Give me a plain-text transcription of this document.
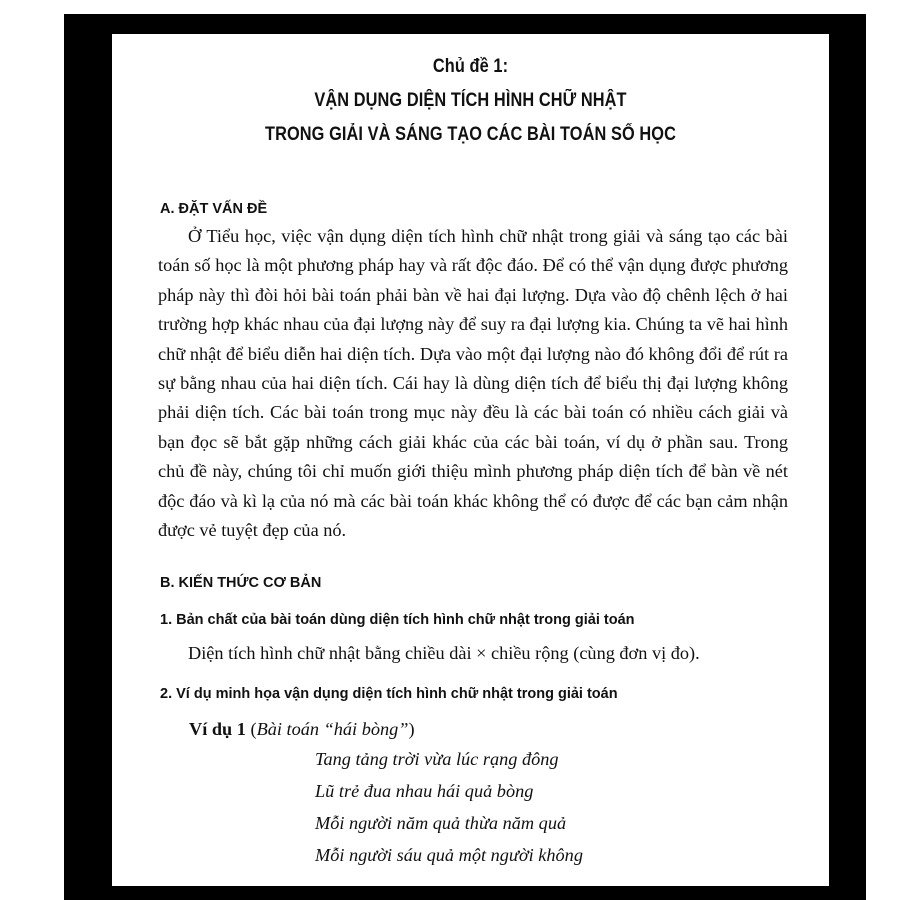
Chủ đề 1:
VẬN DỤNG DIỆN TÍCH HÌNH CHỮ NHẬT
TRONG GIẢI VÀ SÁNG TẠO CÁC BÀI TOÁN SỐ HỌC
A. ĐẶT VẤN ĐỀ

Ở Tiểu học, việc vận dụng diện tích hình chữ nhật trong giải và sáng tạo các bài toán số học là một phương pháp hay và rất độc đáo. Để có thể vận dụng được phương pháp này thì đòi hỏi bài toán phải bàn về hai đại lượng. Dựa vào độ chênh lệch ở hai trường hợp khác nhau của đại lượng này để suy ra đại lượng kia. Chúng ta vẽ hai hình chữ nhật để biểu diễn hai diện tích. Dựa vào một đại lượng nào đó không đổi để rút ra sự bằng nhau của hai diện tích. Cái hay là dùng diện tích để biểu thị đại lượng không phải diện tích. Các bài toán trong mục này đều là các bài toán có nhiều cách giải và bạn đọc sẽ bắt gặp những cách giải khác của các bài toán, ví dụ ở phần sau. Trong chủ đề này, chúng tôi chỉ muốn giới thiệu mình phương pháp diện tích để bàn về nét độc đáo và kì lạ của nó mà các bài toán khác không thể có được để các bạn cảm nhận được vẻ tuyệt đẹp của nó.

B. KIẾN THỨC CƠ BẢN
1. Bản chất của bài toán dùng diện tích hình chữ nhật trong giải toán
Diện tích hình chữ nhật bằng chiều dài × chiều rộng (cùng đơn vị đo).
2. Ví dụ minh họa vận dụng diện tích hình chữ nhật trong giải toán
Ví dụ 1 (Bài toán “hái bòng”)
Tang tảng trời vừa lúc rạng đông
Lũ trẻ đua nhau hái quả bòng
Mỗi người năm quả thừa năm quả
Mỗi người sáu quả một người không
